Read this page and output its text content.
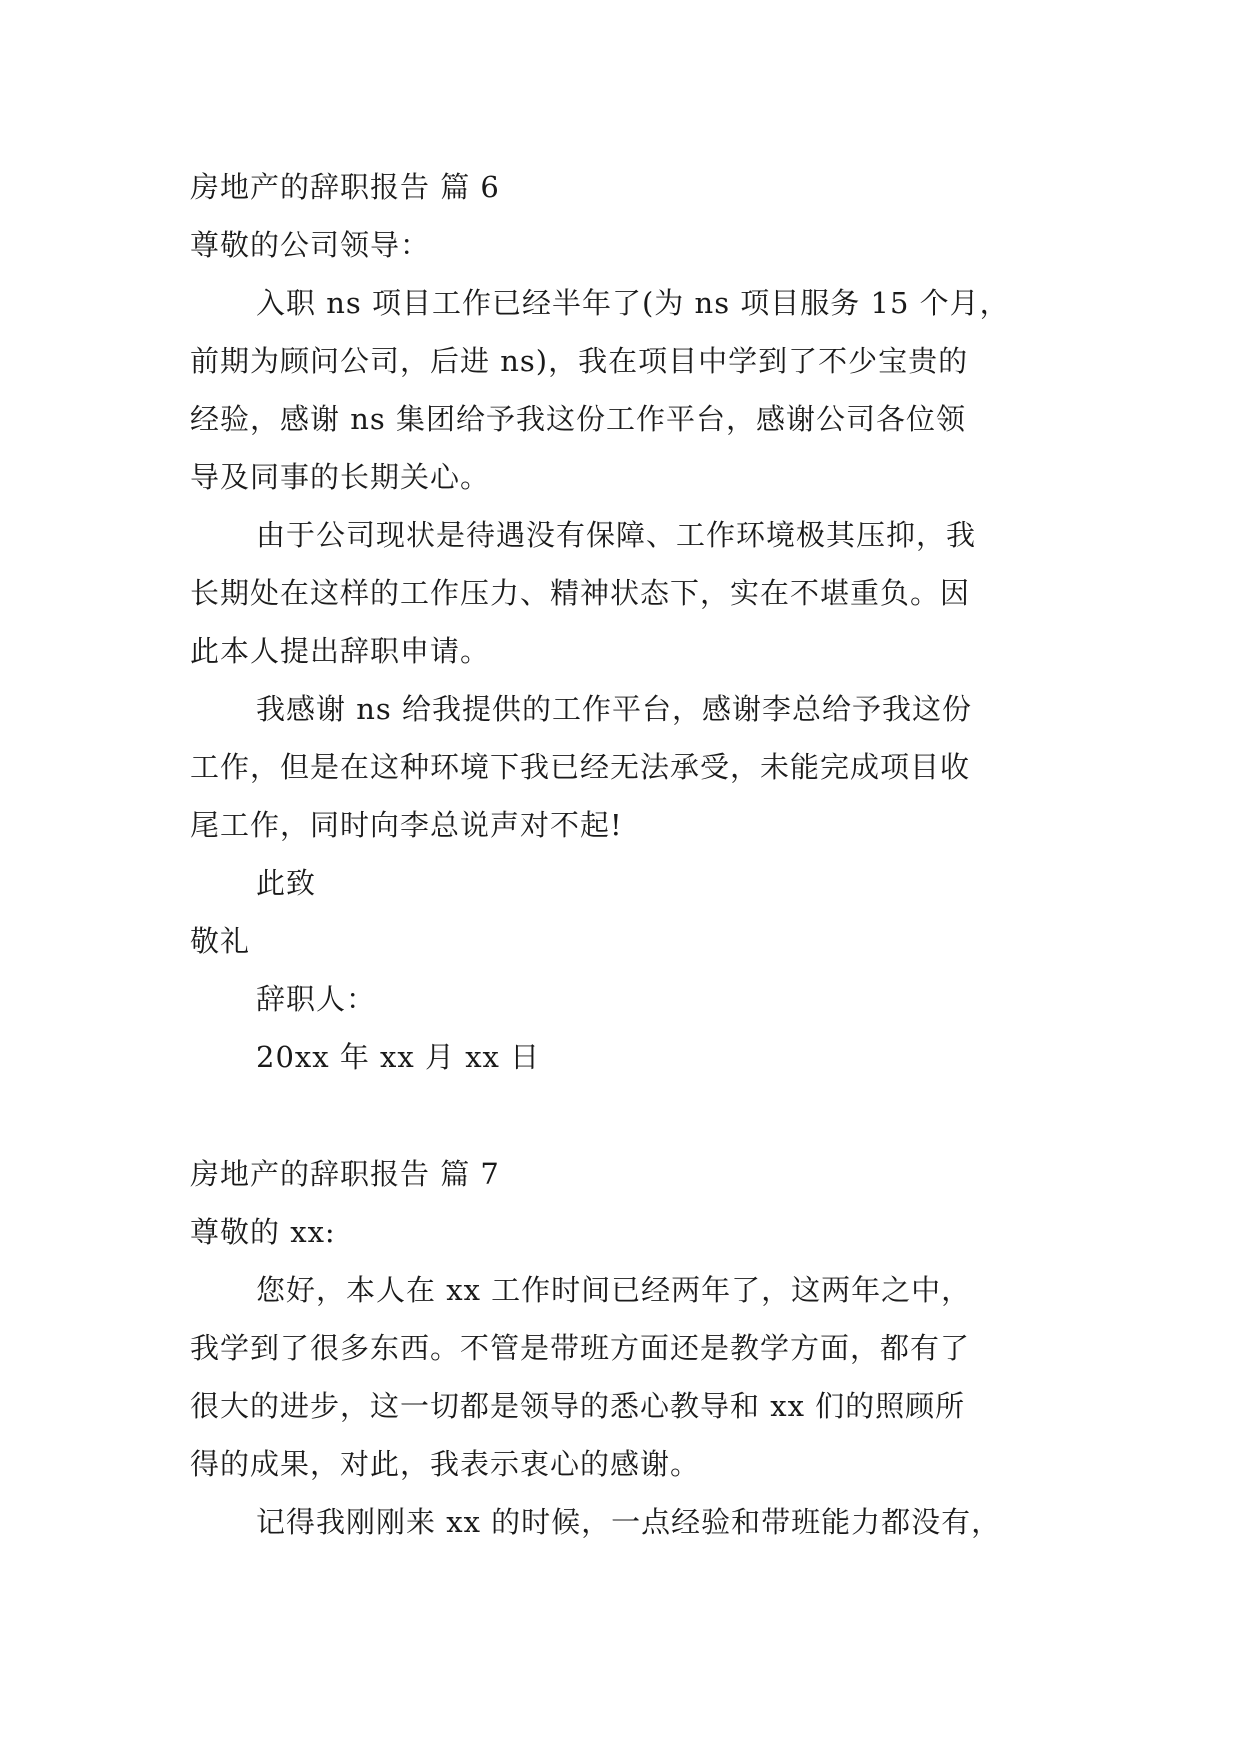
房地产的辞职报告 篇 6
尊敬的公司领导：
入职 ns 项目工作已经半年了(为 ns 项目服务 15 个月，
前期为顾问公司，后进 ns)，我在项目中学到了不少宝贵的
经验，感谢 ns 集团给予我这份工作平台，感谢公司各位领
导及同事的长期关心。
由于公司现状是待遇没有保障、工作环境极其压抑，我
长期处在这样的工作压力、精神状态下，实在不堪重负。因
此本人提出辞职申请。
我感谢 ns 给我提供的工作平台，感谢李总给予我这份
工作，但是在这种环境下我已经无法承受，未能完成项目收
尾工作，同时向李总说声对不起!
此致
敬礼
辞职人：
20xx 年 xx 月 xx 日
房地产的辞职报告 篇 7
尊敬的 xx:
您好，本人在 xx 工作时间已经两年了，这两年之中，
我学到了很多东西。不管是带班方面还是教学方面，都有了
很大的进步，这一切都是领导的悉心教导和 xx 们的照顾所
得的成果，对此，我表示衷心的感谢。
记得我刚刚来 xx 的时候，一点经验和带班能力都没有，
